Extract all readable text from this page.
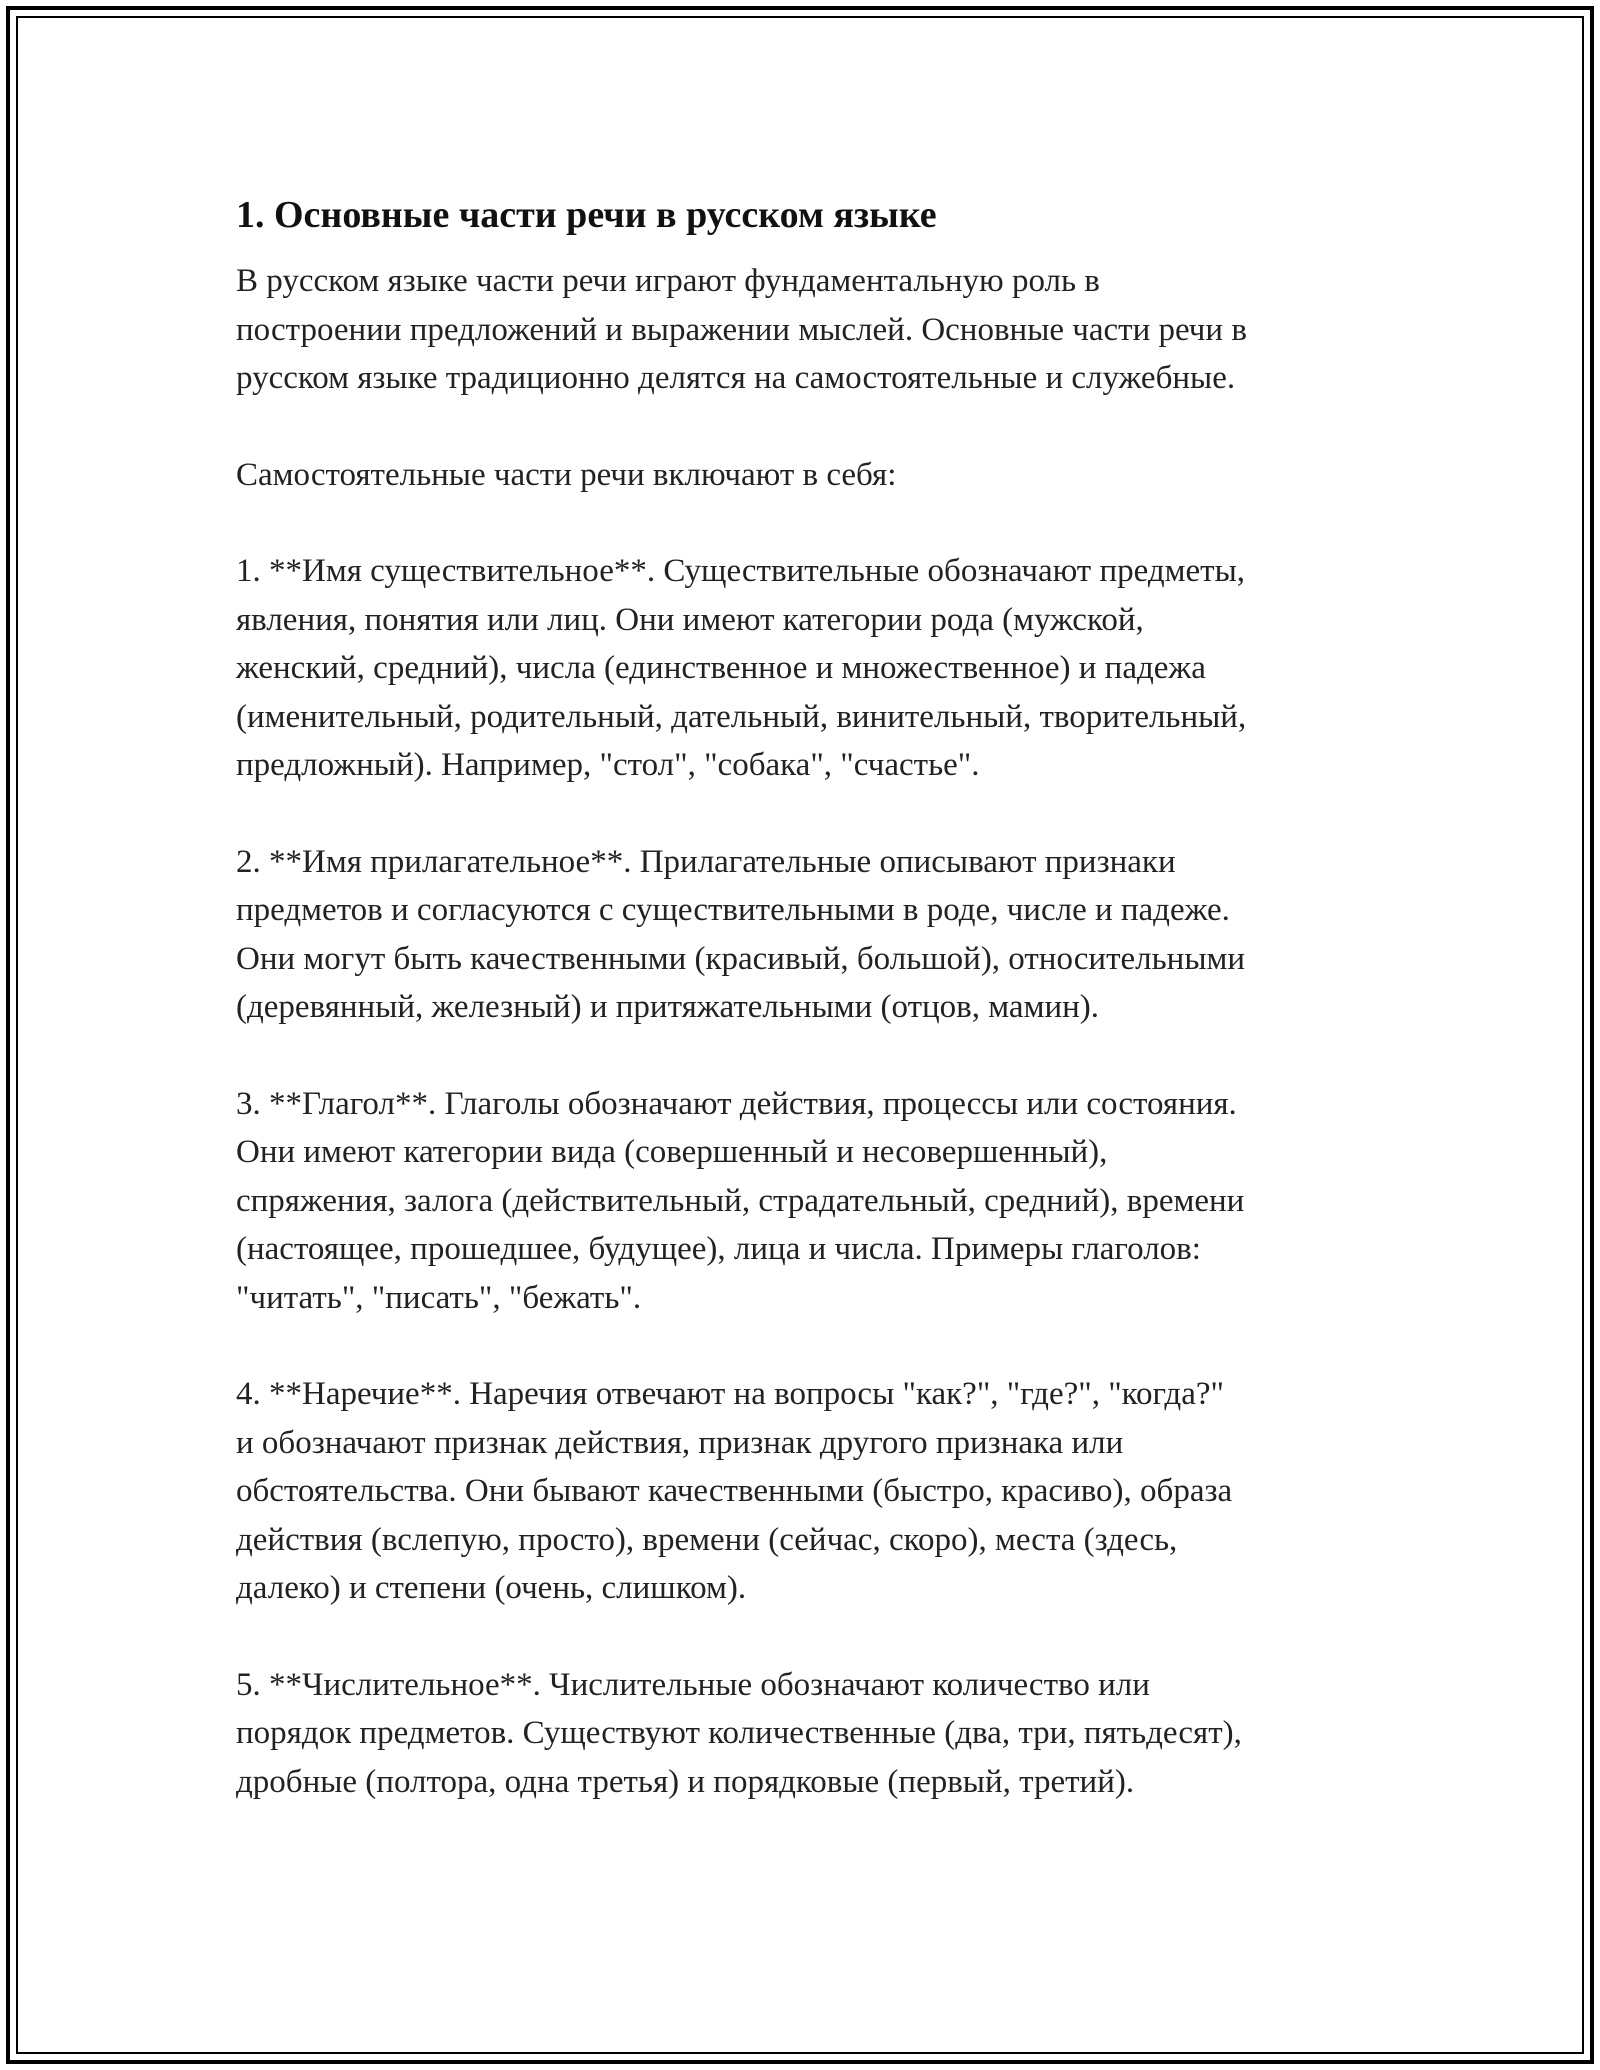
1. Основные части речи в русском языке

В русском языке части речи играют фундаментальную роль в
построении предложений и выражении мыслей. Основные части речи в
русском языке традиционно делятся на самостоятельные и служебные.

Самостоятельные части речи включают в себя:

1. **Имя существительное**. Существительные обозначают предметы,
явления, понятия или лиц. Они имеют категории рода (мужской,
женский, средний), числа (единственное и множественное) и падежа
(именительный, родительный, дательный, винительный, творительный,
предложный). Например, "стол", "собака", "счастье".

2. **Имя прилагательное**. Прилагательные описывают признаки
предметов и согласуются с существительными в роде, числе и падеже.
Они могут быть качественными (красивый, большой), относительными
(деревянный, железный) и притяжательными (отцов, мамин).

3. **Глагол**. Глаголы обозначают действия, процессы или состояния.
Они имеют категории вида (совершенный и несовершенный),
спряжения, залога (действительный, страдательный, средний), времени
(настоящее, прошедшее, будущее), лица и числа. Примеры глаголов:
"читать", "писать", "бежать".

4. **Наречие**. Наречия отвечают на вопросы "как?", "где?", "когда?"
и обозначают признак действия, признак другого признака или
обстоятельства. Они бывают качественными (быстро, красиво), образа
действия (вслепую, просто), времени (сейчас, скоро), места (здесь,
далеко) и степени (очень, слишком).

5. **Числительное**. Числительные обозначают количество или
порядок предметов. Существуют количественные (два, три, пятьдесят),
дробные (полтора, одна третья) и порядковые (первый, третий).
